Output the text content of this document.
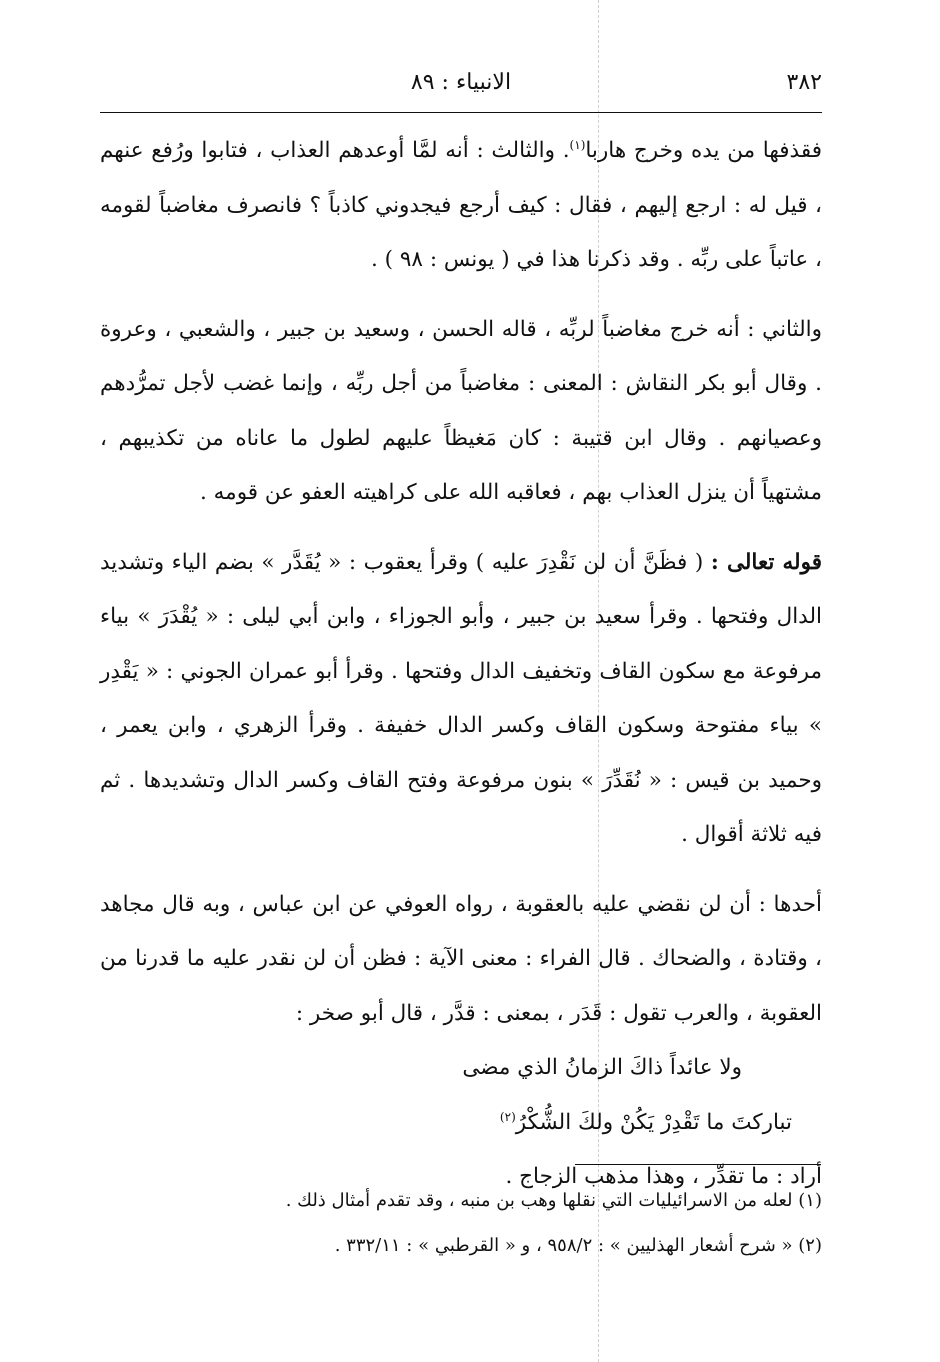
٣٨٢
الانبياء : ٨٩

فقذفها من يده وخرج هاربا$^{(١)}$. والثالث : أنه لمَّا أوعدهم العذاب ، فتابوا ورُفع عنهم ، قيل له : ارجع إليهم ، فقال : كيف أرجع فيجدوني كاذباً ؟ فانصرف مغاضباً لقومه ، عاتباً على ربِّه . وقد ذكرنا هذا في ( يونس : ٩٨ ) .

والثاني : أنه خرج مغاضباً لربِّه ، قاله الحسن ، وسعيد بن جبير ، والشعبي ، وعروة . وقال أبو بكر النقاش : المعنى : مغاضباً من أجل ربِّه ، وإنما غضب لأجل تمرُّدهم وعصيانهم . وقال ابن قتيبة : كان مَغيظاً عليهم لطول ما عاناه من تكذيبهم ، مشتهياً أن ينزل العذاب بهم ، فعاقبه الله على كراهيته العفو عن قومه .

قوله تعالى : ( فظَنَّ أن لن نَقْدِرَ عليه ) وقرأ يعقوب : « يُقَدَّر » بضم الياء وتشديد الدال وفتحها . وقرأ سعيد بن جبير ، وأبو الجوزاء ، وابن أبي ليلى : « يُقْدَرَ » بياء مرفوعة مع سكون القاف وتخفيف الدال وفتحها . وقرأ أبو عمران الجوني : « يَقْدِر » بياء مفتوحة وسكون القاف وكسر الدال خفيفة . وقرأ الزهري ، وابن يعمر ، وحميد بن قيس : « نُقَدِّرَ » بنون مرفوعة وفتح القاف وكسر الدال وتشديدها . ثم فيه ثلاثة أقوال .

أحدها : أن لن نقضي عليه بالعقوبة ، رواه العوفي عن ابن عباس ، وبه قال مجاهد ، وقتادة ، والضحاك . قال الفراء : معنى الآية : فظن أن لن نقدر عليه ما قدرنا من العقوبة ، والعرب تقول : قَدَر ، بمعنى : قدَّر ، قال أبو صخر :

ولا عائداً ذاكَ الزمانُ الذي مضى

تباركتَ ما تَقْدِرْ يَكُنْ ولكَ الشُّكْرُ$^{(٢)}$

أراد : ما تقدِّر ، وهذا مذهب الزجاج .

(١) لعله من الاسرائيليات التي نقلها وهب بن منبه ، وقد تقدم أمثال ذلك .

(٢) « شرح أشعار الهذليين » : ٩٥٨/٢ ، و « القرطبي » : ٣٣٢/١١ .
